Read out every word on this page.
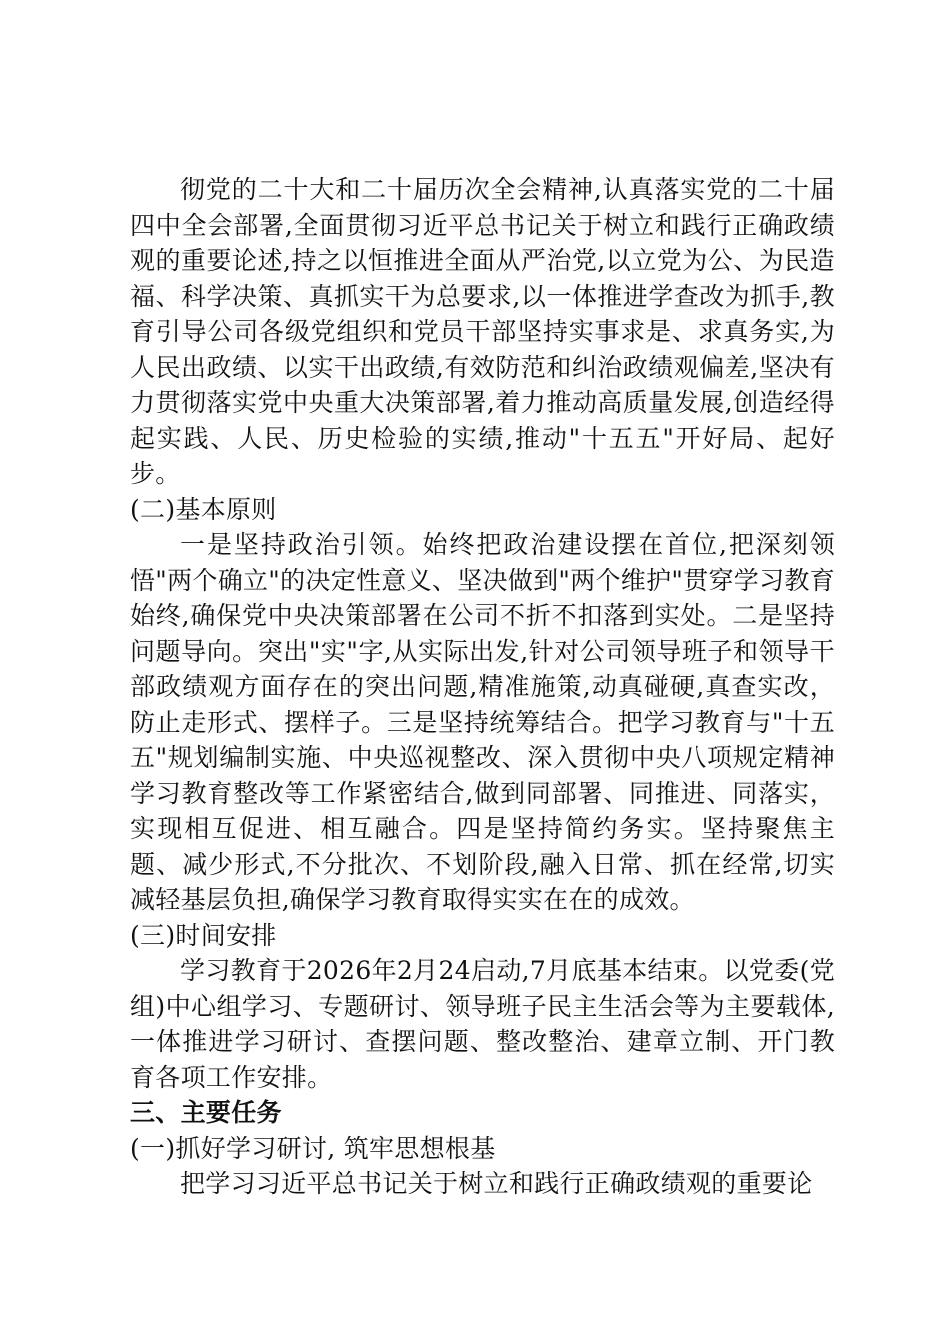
彻党的二十大和二十届历次全会精神,认真落实党的二十届四中全会部署,全面贯彻习近平总书记关于树立和践行正确政绩观的重要论述,持之以恒推进全面从严治党,以立党为公、为民造福、科学决策、真抓实干为总要求,以一体推进学查改为抓手,教育引导公司各级党组织和党员干部坚持实事求是、求真务实,为人民出政绩、以实干出政绩,有效防范和纠治政绩观偏差,坚决有力贯彻落实党中央重大决策部署,着力推动高质量发展,创造经得起实践、人民、历史检验的实绩,推动"十五五"开好局、起好步。

(二)基本原则

一是坚持政治引领。始终把政治建设摆在首位,把深刻领悟"两个确立"的决定性意义、坚决做到"两个维护"贯穿学习教育始终,确保党中央决策部署在公司不折不扣落到实处。二是坚持问题导向。突出"实"字,从实际出发,针对公司领导班子和领导干部政绩观方面存在的突出问题,精准施策,动真碰硬,真查实改，防止走形式、摆样子。三是坚持统筹结合。把学习教育与"十五五"规划编制实施、中央巡视整改、深入贯彻中央八项规定精神学习教育整改等工作紧密结合,做到同部署、同推进、同落实，实现相互促进、相互融合。四是坚持简约务实。坚持聚焦主题、减少形式,不分批次、不划阶段,融入日常、抓在经常,切实减轻基层负担,确保学习教育取得实实在在的成效。

(三)时间安排

学习教育于2026年2月24启动,7月底基本结束。以党委(党组)中心组学习、专题研讨、领导班子民主生活会等为主要载体,一体推进学习研讨、查摆问题、整改整治、建章立制、开门教育各项工作安排。

三、主要任务

(一)抓好学习研讨, 筑牢思想根基

把学习习近平总书记关于树立和践行正确政绩观的重要论
